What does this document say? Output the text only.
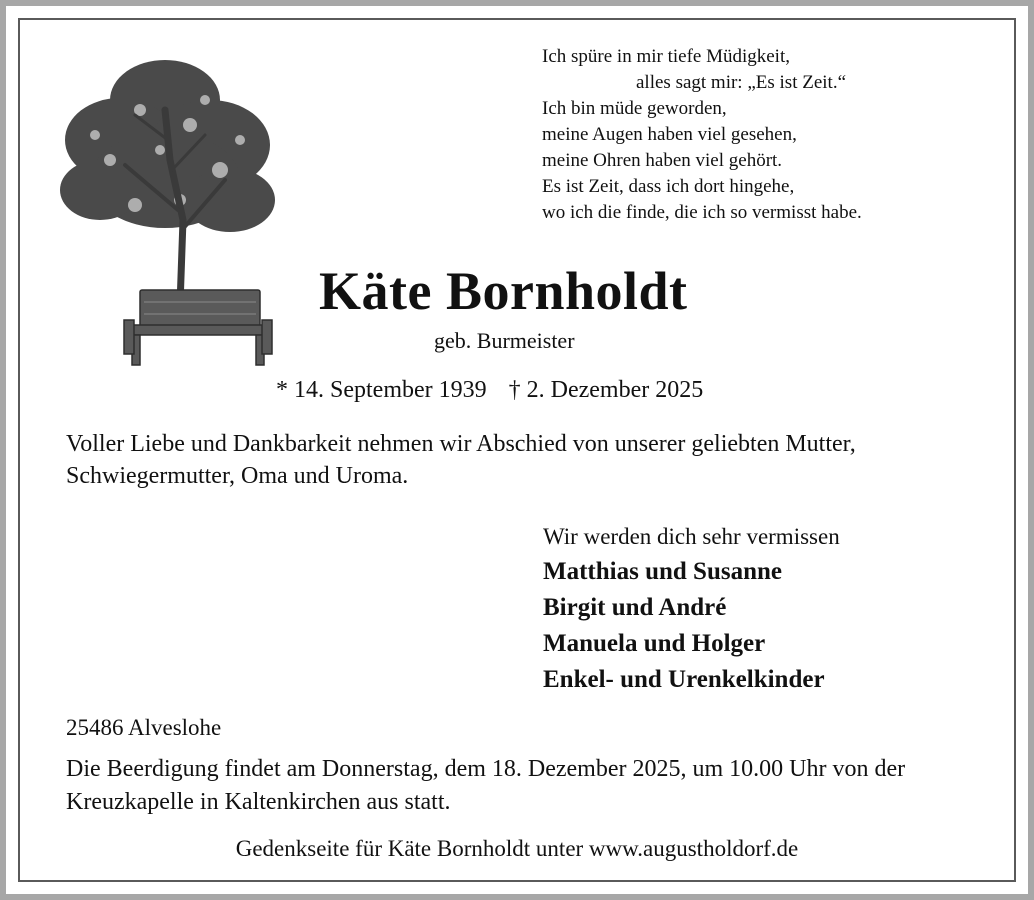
Ich spüre in mir tiefe Müdigkeit,
alles sagt mir: „Es ist Zeit.“
Ich bin müde geworden,
meine Augen haben viel gesehen,
meine Ohren haben viel gehört.
Es ist Zeit, dass ich dort hingehe,
wo ich die finde, die ich so vermisst habe.
Käte Bornholdt
geb. Burmeister
* 14. September 1939 † 2. Dezember 2025
Voller Liebe und Dankbarkeit nehmen wir Abschied von unserer geliebten Mutter, Schwiegermutter, Oma und Uroma.
Wir werden dich sehr vermissen
Matthias und Susanne
Birgit und André
Manuela und Holger
Enkel- und Urenkelkinder
25486 Alveslohe
Die Beerdigung findet am Donnerstag, dem 18. Dezember 2025, um 10.00 Uhr von der Kreuzkapelle in Kaltenkirchen aus statt.
Gedenkseite für Käte Bornholdt unter www.augustholdorf.de
